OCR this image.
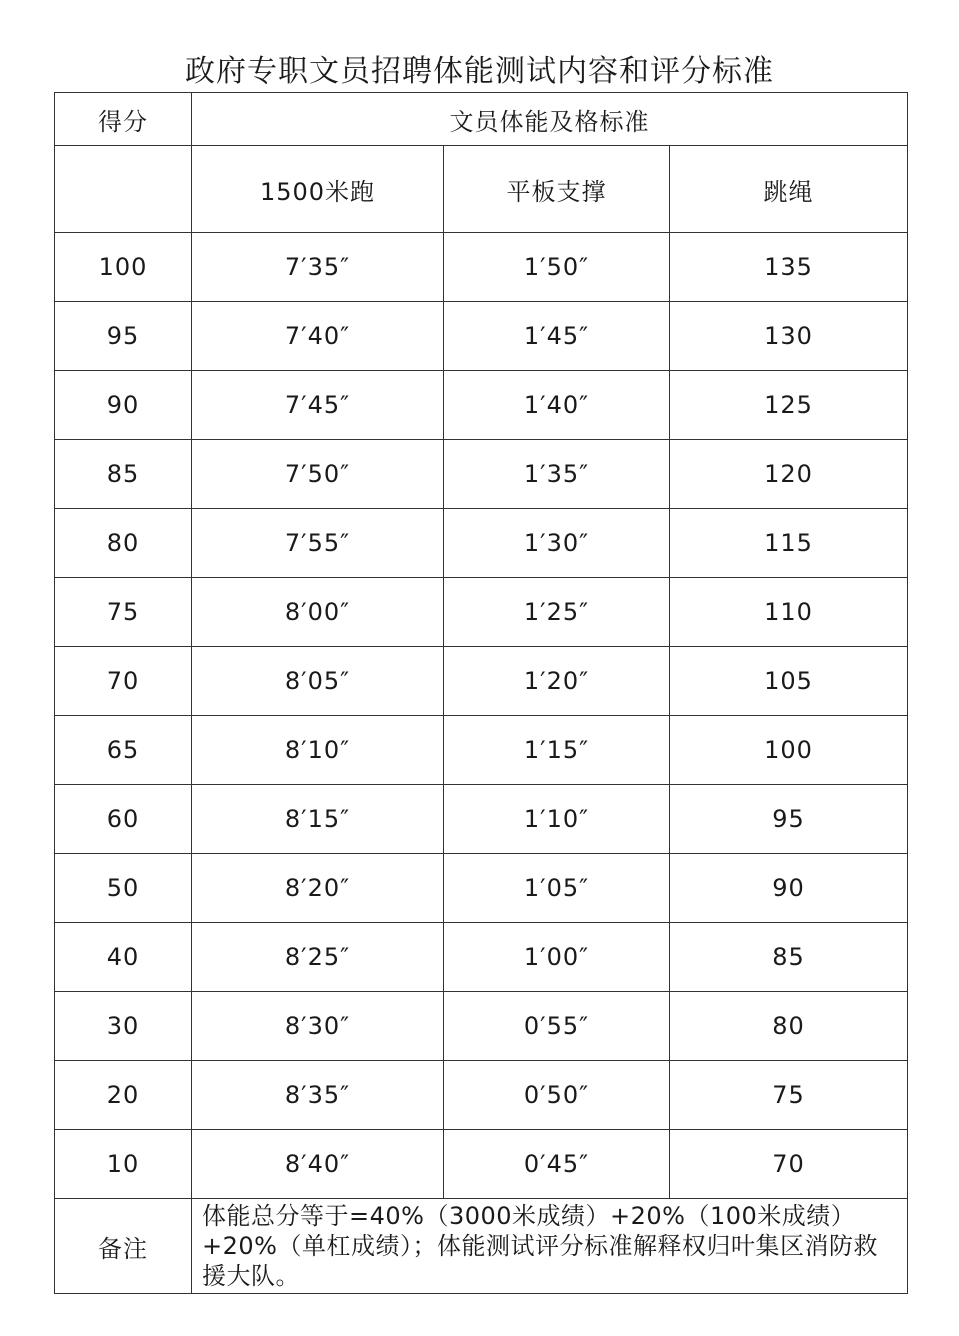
政府专职文员招聘体能测试内容和评分标准
得分	文员体能及格标准		
	1500米跑	平板支撑	跳绳
100	7′35″	1′50″	135
95	7′40″	1′45″	130
90	7′45″	1′40″	125
85	7′50″	1′35″	120
80	7′55″	1′30″	115
75	8′00″	1′25″	110
70	8′05″	1′20″	105
65	8′10″	1′15″	100
60	8′15″	1′10″	95
50	8′20″	1′05″	90
40	8′25″	1′00″	85
30	8′30″	0′55″	80
20	8′35″	0′50″	75
10	8′40″	0′45″	70
备注	体能总分等于=40%（3000米成绩）+20%（100米成绩）+20%（单杠成绩）；体能测试评分标准解释权归叶集区消防救援大队。		
